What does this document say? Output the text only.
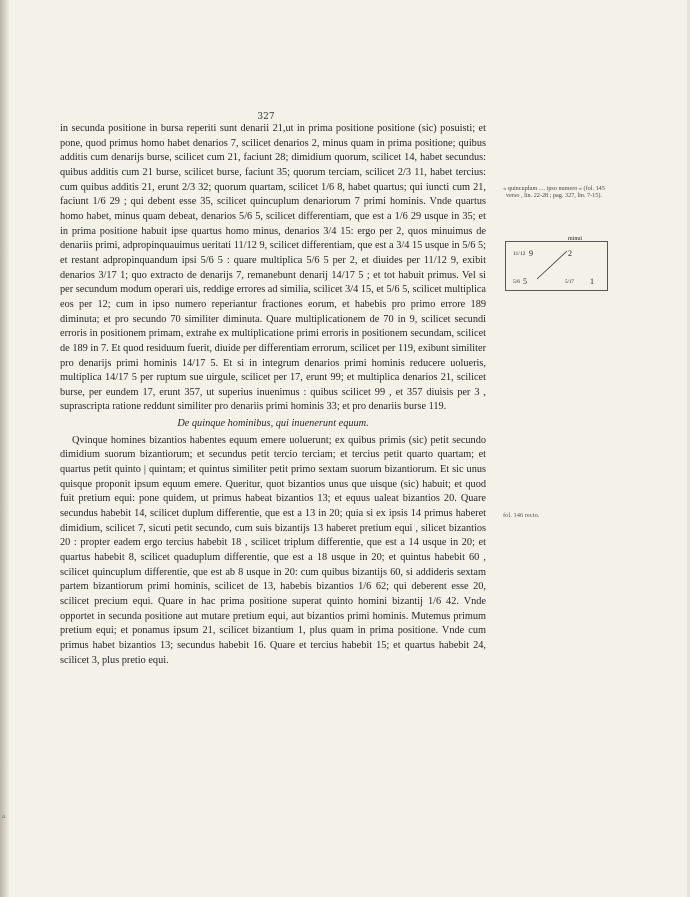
327

in secunda positione in bursa reperiti sunt denarii 21,ut in prima positione positione (sic) posuisti; et pone, quod primus homo habet denarios 7, scilicet denarios 2, minus quam in prima positione; quibus additis cum denarijs burse, scilicet cum 21, faciunt 28; dimidium quorum, scilicet 14, habet secundus: quibus additis cum 21 burse, scilicet burse, faciunt 35; quorum terciam, scilicet 2/3 11, habet tercius: cum quibus additis 21, erunt 2/3 32; quorum quartam, scilicet 1/6 8, habet quartus; qui iuncti cum 21, faciunt 1/6 29 ; qui debent esse 35, scilicet quincuplum denariorum 7 primi hominis. Vnde quartus homo habet, minus quam debeat, denarios 5/6 5, scilicet differentiam, que est a 1/6 29 usque in 35; et in prima positione habuit ipse quartus homo minus, denarios 3/4 15: ergo per 2, quos minuimus de denariis primi, adpropinquauimus ueritati 11/12 9, scilicet differentiam, que est a 3/4 15 usque in 5/6 5; et restant adpropinquandum ipsi 5/6 5 : quare multiplica 5/6 5 per 2, et diuides per 11/12 9, exibit denarios 3/17 1; quo extracto de denarijs 7, remanebunt denarij 14/17 5 ; et tot habuit primus. Vel si per secundum modum operari uis, reddige errores ad similia, scilicet 3/4 15, et 5/6 5, scilicet multiplica eos per 12; cum in ipso numero reperiantur fractiones eorum, et habebis pro primo errore 189 diminuta; et pro secundo 70 similiter diminuta. Quare multiplicationem de 70 in 9, scilicet secundi erroris in positionem primam, extrahe ex multiplicatione primi erroris in positionem secundam, scilicet de 189 in 7. Et quod residuum fuerit, diuide per differentiam errorum, scilicet per 119, exibunt similiter pro denarijs primi hominis 14/17 5. Et si in integrum denarios primi hominis reducere uolueris, multiplica 14/17 5 per ruptum sue uirgule, scilicet per 17, erunt 99; et multiplica denarios 21, scilicet burse, per eundem 17, erunt 357, ut superius inuenimus : quibus scilicet 99 , et 357 diuisis per 3 , suprascripta ratione reddunt similiter pro denariis primi hominis 33; et pro denariis burse 119.

De quinque hominibus, qui inuenerunt equum.

Qvinque homines bizantios habentes equum emere uoluerunt; ex quibus primis (sic) petit secundo dimidium suorum bizantiorum; et secundus petit tercio terciam; et tercius petit quarto quartam; et quartus petit quinto | quintam; et quintus similiter petit primo sextam suorum bizantiorum. Et sic unus quisque proponit ipsum equum emere. Queritur, quot bizantios unus que uisque (sic) habuit; et quod fuit pretium equi: pone quidem, ut primus habeat bizantios 13; et equus ualeat bizantios 20. Quare secundus habebit 14, scilicet duplum differentie, que est a 13 in 20; quia si ex ipsis 14 primus haberet dimidium, scilicet 7, sicuti petit secundo, cum suis bizantijs 13 haberet pretium equi , silicet bizantios 20 : propter eadem ergo tercius habebit 18 , scilicet triplum differentie, que est a 14 usque in 20; et quartus habebit 8, scilicet quaduplum differentie, que est a 18 usque in 20; et quintus habebit 60 , scilicet quincuplum differentie, que est ab 8 usque in 20: cum quibus bizantijs 60, si addideris sextam partem bizantiorum primi hominis, scilicet de 13, habebis bizantios 1/6 62; qui deberent esse 20, scilicet precium equi. Quare in hac prima positione superat quinto homini bizantij 1/6 42. Vnde opportet in secunda positione aut mutare pretium equi, aut bizantios primi hominis. Mutemus primum pretium equi; et ponamus ipsum 21, scilicet bizantium 1, plus quam in prima positione. Vnde cum primus habet bizantios 13; secundus habebit 16. Quare et tercius habebit 15; et quartus habebit 24, scilicet 3, plus pretio equi.

« quincuplum .... ipso numero » (fol. 145 verso , lin. 22-28 ; pag. 327, lin. 7-15).
minui
11/12 9	2
5/6 5	5/17 1
fol. 146 recto.
▵
